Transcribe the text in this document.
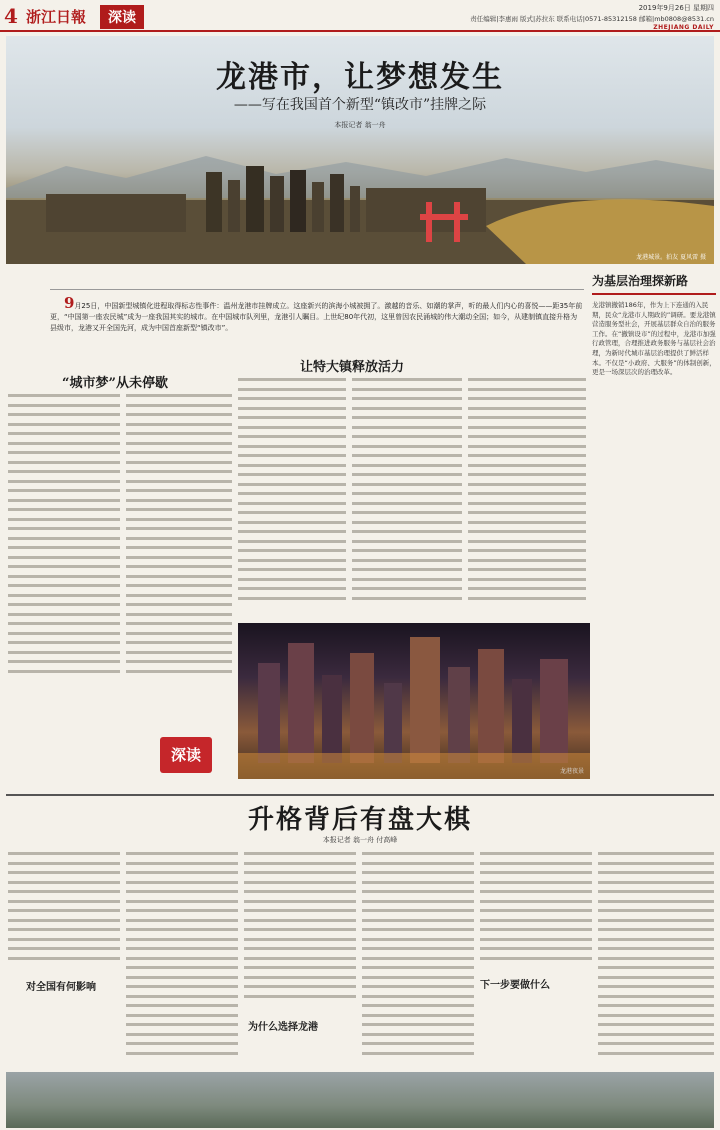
4 浙江日報	深读
2019年9月26日 星期四
责任编辑|李惠雨 版式|苏拉东 联系电话|0571-85312158 邮箱|mb0808@8531.cn
ZHEJIANG DAILY
龙港市，让梦想发生
——写在我国首个新型“镇改市”挂牌之际
本报记者 翁一舟
龙港城景。拍友 夏风雷 摄

9月25日，中国新型城镇化进程取得标志性事件：温州龙港市挂牌成立。这座新兴的滨海小城被拥了。激越的音乐、如潮的掌声，听的最人们内心的喜悦——距35年前更，“中国第一座农民城”成为一座我国其实的城市。在中国城市队列里，龙港引人瞩目。上世纪80年代初，这里曾因农民涌城的伟大潮动全国；如今，从建制镇直接升格为县级市，龙港又开全国先河，成为中国首座新型“镇改市”。

为基层治理探新路
龙港镇撤销186年，作为上下连通的入民期，民众“龙港市人期政的”调研。要龙港镇营造服务型社会，开展基层群众自治的服务工作。在“撤镇设市”的过程中，龙港市加强行政管理，合理推进政务服务与基层社会治理，为新时代城市基层治理提供了鲜活样本。不仅是“小政府、大服务”的体制创新，更是一场深层次的治理改革。
“城市梦”从未停歇
让特大镇释放活力
龙港夜景
深读
升格背后有盘大棋
本报记者 翁一舟 付高峰
对全国有何影响
为什么选择龙港
下一步要做什么
